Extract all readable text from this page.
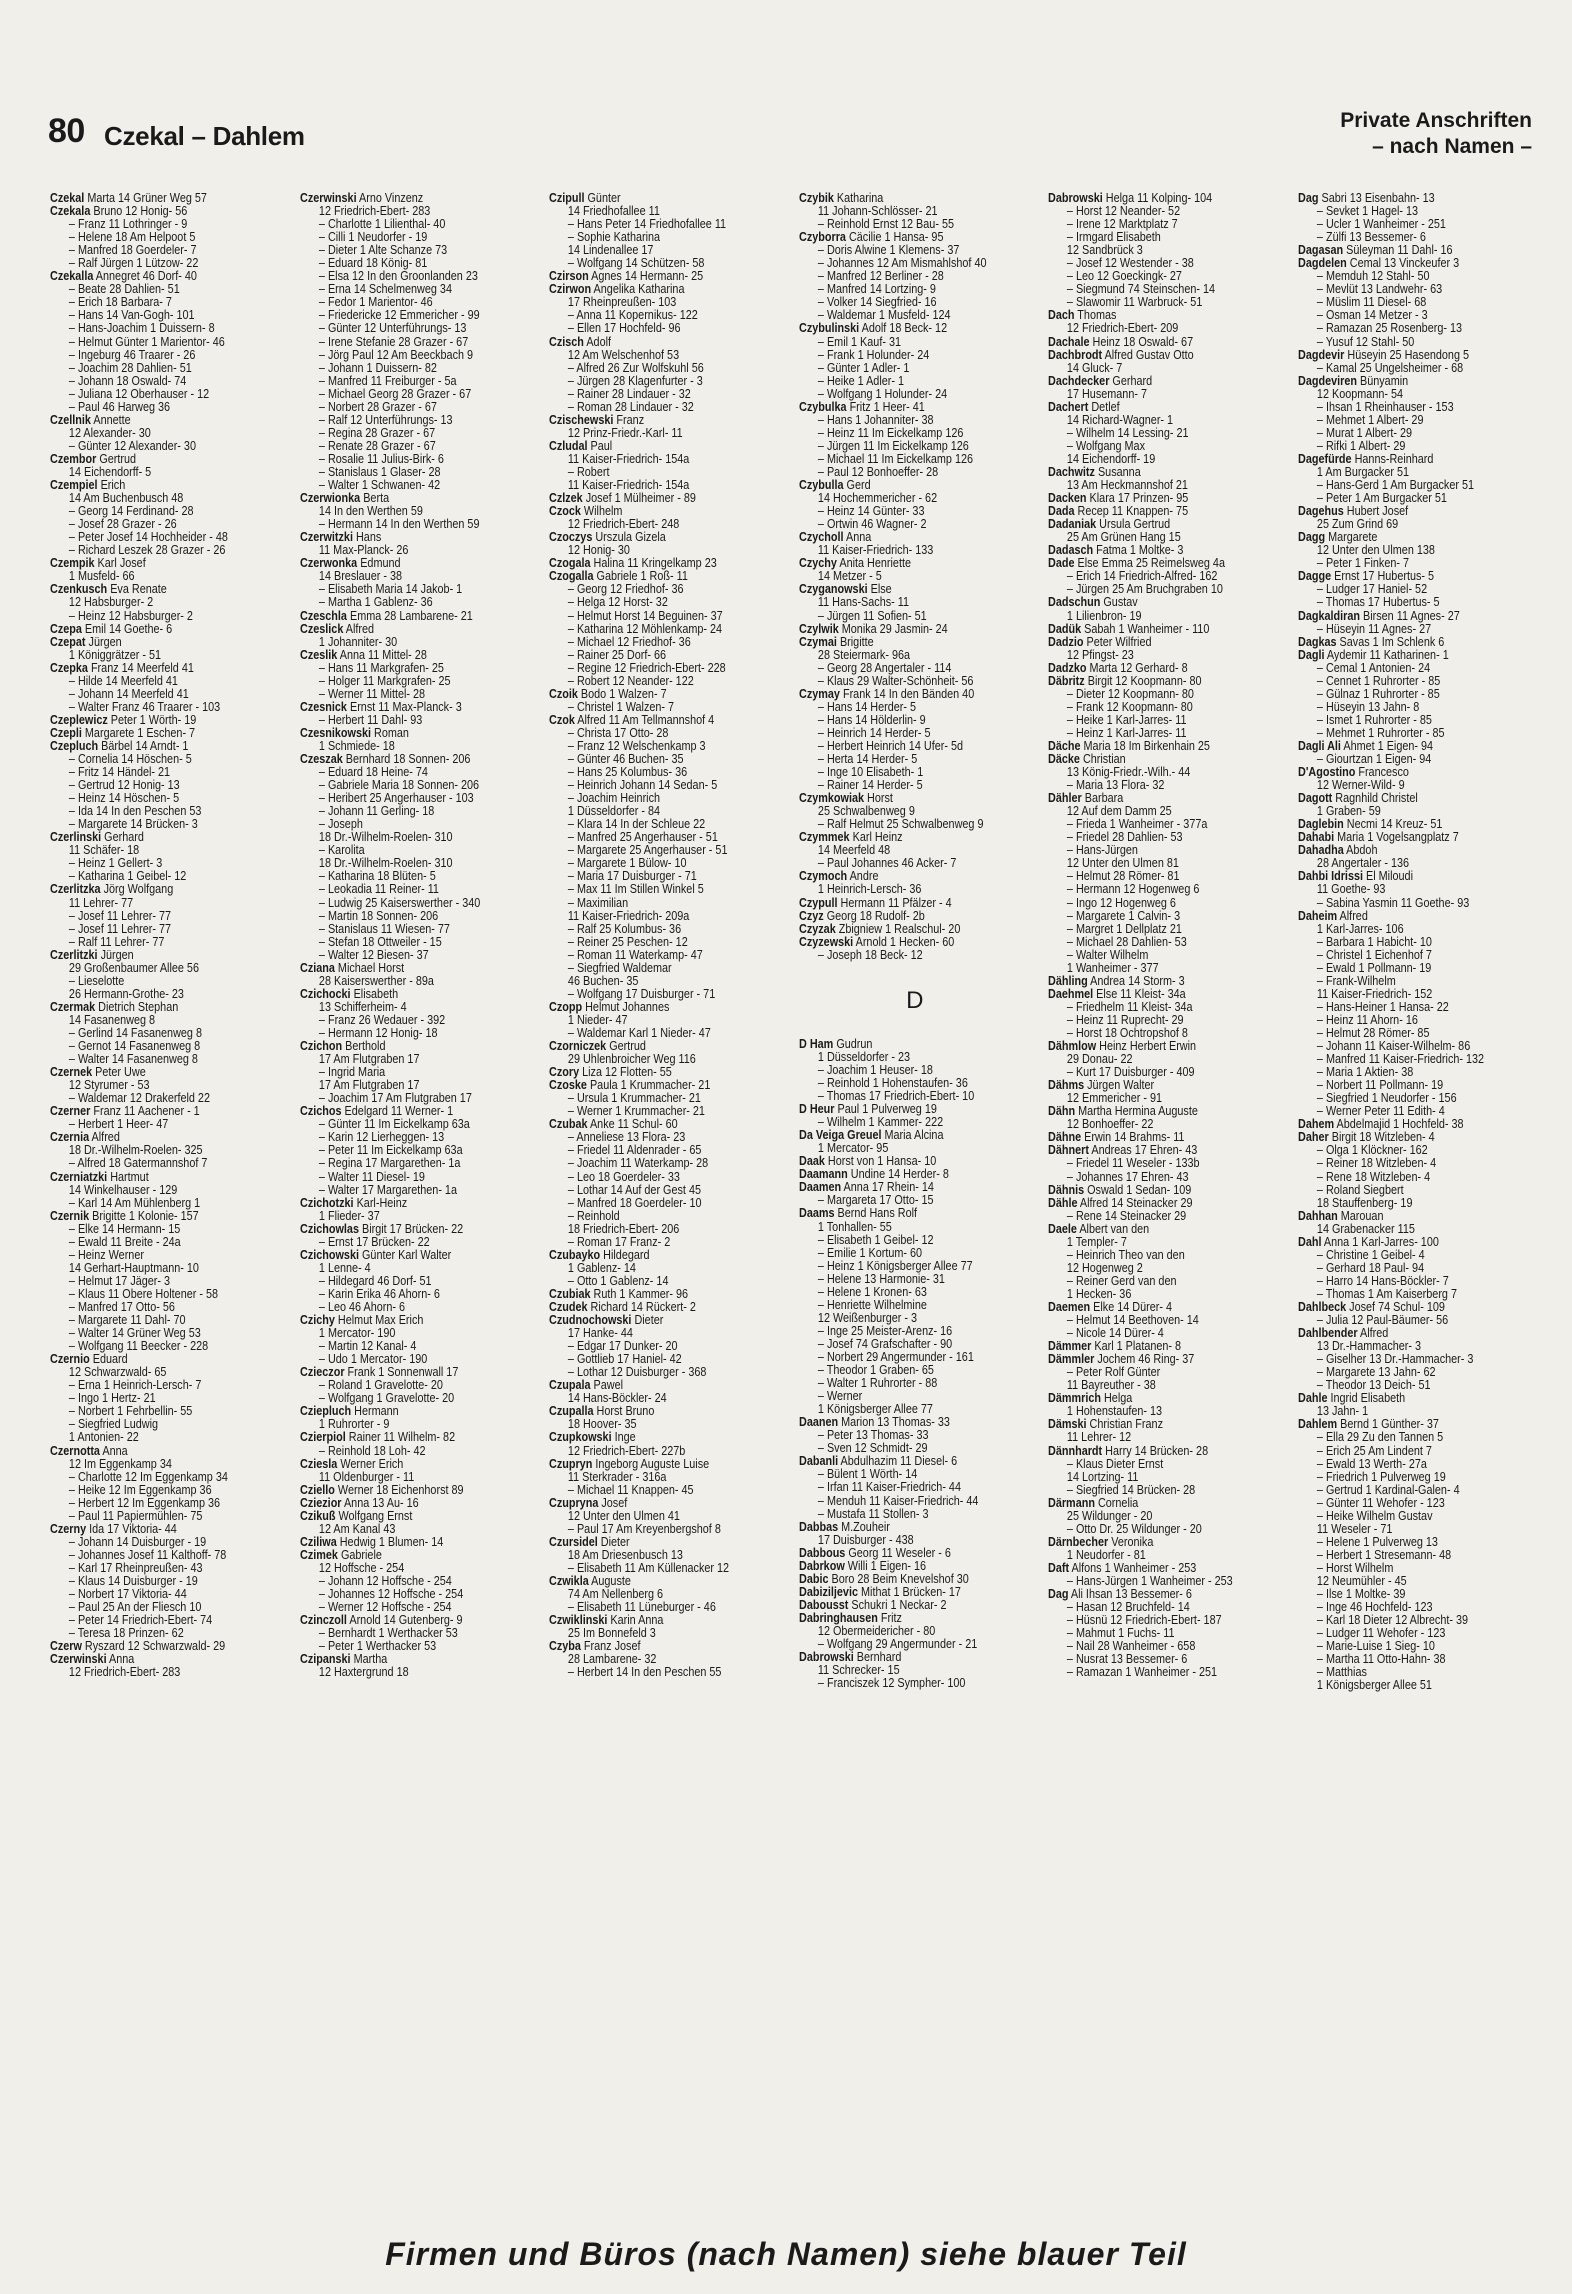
80 Czekal – Dahlem
Private Anschriften
– nach Namen –
Czekal Marta 14 Grüner Weg 57
Czekala Bruno 12 Honig- 56
– Franz 11 Lothringer - 9
– Helene 18 Am Helpoot 5
– Manfred 18 Goerdeler- 7
– Ralf Jürgen 1 Lützow- 22
Czekalla Annegret 46 Dorf- 40
– Beate 28 Dahlien- 51
– Erich 18 Barbara- 7
– Hans 14 Van-Gogh- 101
– Hans-Joachim 1 Duissern- 8
– Helmut Günter 1 Marientor- 46
– Ingeburg 46 Traarer - 26
– Joachim 28 Dahlien- 51
– Johann 18 Oswald- 74
– Juliana 12 Oberhauser - 12
– Paul 46 Harweg 36
Czellnik Annette
12 Alexander- 30
– Günter 12 Alexander- 30
Czembor Gertrud
14 Eichendorff- 5
Czempiel Erich
14 Am Buchenbusch 48
– Georg 14 Ferdinand- 28
– Josef 28 Grazer - 26
– Peter Josef 14 Hochheider - 48
– Richard Leszek 28 Grazer - 26
Czempik Karl Josef
1 Musfeld- 66
Czenkusch Eva Renate
12 Habsburger- 2
– Heinz 12 Habsburger- 2
Czepa Emil 14 Goethe- 6
Czepat Jürgen
1 Königgrätzer - 51
Czepka Franz 14 Meerfeld 41
– Hilde 14 Meerfeld 41
– Johann 14 Meerfeld 41
– Walter Franz 46 Traarer - 103
Czeplewicz Peter 1 Wörth- 19
Czepli Margarete 1 Eschen- 7
Czepluch Bärbel 14 Arndt- 1
– Cornelia 14 Höschen- 5
– Fritz 14 Händel- 21
– Gertrud 12 Honig- 13
– Heinz 14 Höschen- 5
– Ida 14 In den Peschen 53
– Margarete 14 Brücken- 3
Czerlinski Gerhard
11 Schäfer- 18
– Heinz 1 Gellert- 3
– Katharina 1 Geibel- 12
Czerlitzka Jörg Wolfgang
11 Lehrer- 77
– Josef 11 Lehrer- 77
– Josef 11 Lehrer- 77
– Ralf 11 Lehrer- 77
Czerlitzki Jürgen
29 Großenbaumer Allee 56
– Lieselotte
26 Hermann-Grothe- 23
Czermak Dietrich Stephan
14 Fasanenweg 8
– Gerlind 14 Fasanenweg 8
– Gernot 14 Fasanenweg 8
– Walter 14 Fasanenweg 8
Czernek Peter Uwe
12 Styrumer - 53
– Waldemar 12 Drakerfeld 22
Czerner Franz 11 Aachener - 1
– Herbert 1 Heer- 47
Czernia Alfred
18 Dr.-Wilhelm-Roelen- 325
– Alfred 18 Gatermannshof 7
Czerniatzki Hartmut
14 Winkelhauser - 129
– Karl 14 Am Mühlenberg 1
Czernik Brigitte 1 Kolonie- 157
– Elke 14 Hermann- 15
– Ewald 11 Breite - 24a
– Heinz Werner
14 Gerhart-Hauptmann- 10
– Helmut 17 Jäger- 3
– Klaus 11 Obere Holtener - 58
– Manfred 17 Otto- 56
– Margarete 11 Dahl- 70
– Walter 14 Grüner Weg 53
– Wolfgang 11 Beecker - 228
Czernio Eduard
12 Schwarzwald- 65
– Erna 1 Heinrich-Lersch- 7
– Ingo 1 Hertz- 21
– Norbert 1 Fehrbellin- 55
– Siegfried Ludwig
1 Antonien- 22
Czernotta Anna
12 Im Eggenkamp 34
– Charlotte 12 Im Eggenkamp 34
– Heike 12 Im Eggenkamp 36
– Herbert 12 Im Eggenkamp 36
– Paul 11 Papiermühlen- 75
Czerny Ida 17 Viktoria- 44
– Johann 14 Duisburger - 19
– Johannes Josef 11 Kalthoff- 78
– Karl 17 Rheinpreußen- 43
– Klaus 14 Duisburger - 19
– Norbert 17 Viktoria- 44
– Paul 25 An der Fliesch 10
– Peter 14 Friedrich-Ebert- 74
– Teresa 18 Prinzen- 62
Czerw Ryszard 12 Schwarzwald- 29
Czerwinski Anna
12 Friedrich-Ebert- 283
Czerwinski Arno Vinzenz
12 Friedrich-Ebert- 283
– Charlotte 1 Lilienthal- 40
– Cilli 1 Neudorfer - 19
– Dieter 1 Alte Schanze 73
– Eduard 18 König- 81
– Elsa 12 In den Groonlanden 23
– Erna 14 Schelmenweg 34
– Fedor 1 Marientor- 46
– Friedericke 12 Emmericher - 99
– Günter 12 Unterführungs- 13
– Irene Stefanie 28 Grazer - 67
– Jörg Paul 12 Am Beeckbach 9
– Johann 1 Duissern- 82
– Manfred 11 Freiburger - 5a
– Michael Georg 28 Grazer - 67
– Norbert 28 Grazer - 67
– Ralf 12 Unterführungs- 13
– Regina 28 Grazer - 67
– Renate 28 Grazer - 67
– Rosalie 11 Julius-Birk- 6
– Stanislaus 1 Glaser- 28
– Walter 1 Schwanen- 42
Czerwionka Berta
14 In den Werthen 59
– Hermann 14 In den Werthen 59
Czerwitzki Hans
11 Max-Planck- 26
Czerwonka Edmund
14 Breslauer - 38
– Elisabeth Maria 14 Jakob- 1
– Martha 1 Gablenz- 36
Czeschla Emma 28 Lambarene- 21
Czeslick Alfred
1 Johanniter- 30
Czeslik Anna 11 Mittel- 28
– Hans 11 Markgrafen- 25
– Holger 11 Markgrafen- 25
– Werner 11 Mittel- 28
Czesnick Ernst 11 Max-Planck- 3
– Herbert 11 Dahl- 93
Czesnikowski Roman
1 Schmiede- 18
Czeszak Bernhard 18 Sonnen- 206
– Eduard 18 Heine- 74
– Gabriele Maria 18 Sonnen- 206
– Heribert 25 Angerhauser - 103
– Johann 11 Gerling- 18
– Joseph
18 Dr.-Wilhelm-Roelen- 310
– Karolita
18 Dr.-Wilhelm-Roelen- 310
– Katharina 18 Blüten- 5
– Leokadia 11 Reiner- 11
– Ludwig 25 Kaiserswerther - 340
– Martin 18 Sonnen- 206
– Stanislaus 11 Wiesen- 77
– Stefan 18 Ottweiler - 15
– Walter 12 Biesen- 37
Cziana Michael Horst
28 Kaiserswerther - 89a
Czichocki Elisabeth
13 Schifferheim- 4
– Franz 26 Wedauer - 392
– Hermann 12 Honig- 18
Czichon Berthold
17 Am Flutgraben 17
– Ingrid Maria
17 Am Flutgraben 17
– Joachim 17 Am Flutgraben 17
Czichos Edelgard 11 Werner- 1
– Günter 11 Im Eickelkamp 63a
– Karin 12 Lierheggen- 13
– Peter 11 Im Eickelkamp 63a
– Regina 17 Margarethen- 1a
– Walter 11 Diesel- 19
– Walter 17 Margarethen- 1a
Czichotzki Karl-Heinz
1 Flieder- 37
Czichowlas Birgit 17 Brücken- 22
– Ernst 17 Brücken- 22
Czichowski Günter Karl Walter
1 Lenne- 4
– Hildegard 46 Dorf- 51
– Karin Erika 46 Ahorn- 6
– Leo 46 Ahorn- 6
Czichy Helmut Max Erich
1 Mercator- 190
– Martin 12 Kanal- 4
– Udo 1 Mercator- 190
Czieczor Frank 1 Sonnenwall 17
– Roland 1 Gravelotte- 20
– Wolfgang 1 Gravelotte- 20
Cziepluch Hermann
1 Ruhrorter - 9
Czierpiol Rainer 11 Wilhelm- 82
– Reinhold 18 Loh- 42
Cziesla Werner Erich
11 Oldenburger - 11
Cziello Werner 18 Eichenhorst 89
Cziezior Anna 13 Au- 16
Czikuß Wolfgang Ernst
12 Am Kanal 43
Cziliwa Hedwig 1 Blumen- 14
Czimek Gabriele
12 Hoffsche - 254
– Johann 12 Hoffsche - 254
– Johannes 12 Hoffsche - 254
– Werner 12 Hoffsche - 254
Czinczoll Arnold 14 Gutenberg- 9
– Bernhardt 1 Werthacker 53
– Peter 1 Werthacker 53
Czipanski Martha
12 Haxtergrund 18
Czipull Günter
14 Friedhofallee 11
– Hans Peter 14 Friedhofallee 11
– Sophie Katharina
14 Lindenallee 17
– Wolfgang 14 Schützen- 58
Czirson Agnes 14 Hermann- 25
Czirwon Angelika Katharina
17 Rheinpreußen- 103
– Anna 11 Kopernikus- 122
– Ellen 17 Hochfeld- 96
Czisch Adolf
12 Am Welschenhof 53
– Alfred 26 Zur Wolfskuhl 56
– Jürgen 28 Klagenfurter - 3
– Rainer 28 Lindauer - 32
– Roman 28 Lindauer - 32
Czischewski Franz
12 Prinz-Friedr.-Karl- 11
Czludal Paul
11 Kaiser-Friedrich- 154a
– Robert
11 Kaiser-Friedrich- 154a
Czlzek Josef 1 Mülheimer - 89
Czock Wilhelm
12 Friedrich-Ebert- 248
Czoczys Urszula Gizela
12 Honig- 30
Czogala Halina 11 Kringelkamp 23
Czogalla Gabriele 1 Roß- 11
– Georg 12 Friedhof- 36
– Helga 12 Horst- 32
– Helmut Horst 14 Beguinen- 37
– Katharina 12 Möhlenkamp- 24
– Michael 12 Friedhof- 36
– Rainer 25 Dorf- 66
– Regine 12 Friedrich-Ebert- 228
– Robert 12 Neander- 122
Czoik Bodo 1 Walzen- 7
– Christel 1 Walzen- 7
Czok Alfred 11 Am Tellmannshof 4
– Christa 17 Otto- 28
– Franz 12 Welschenkamp 3
– Günter 46 Buchen- 35
– Hans 25 Kolumbus- 36
– Heinrich Johann 14 Sedan- 5
– Joachim Heinrich
1 Düsseldorfer - 84
– Klara 14 In der Schleue 22
– Manfred 25 Angerhauser - 51
– Margarete 25 Angerhauser - 51
– Margarete 1 Bülow- 10
– Maria 17 Duisburger - 71
– Max 11 Im Stillen Winkel 5
– Maximilian
11 Kaiser-Friedrich- 209a
– Ralf 25 Kolumbus- 36
– Reiner 25 Peschen- 12
– Roman 11 Waterkamp- 47
– Siegfried Waldemar
46 Buchen- 35
– Wolfgang 17 Duisburger - 71
Czopp Helmut Johannes
1 Nieder- 47
– Waldemar Karl 1 Nieder- 47
Czorniczek Gertrud
29 Uhlenbroicher Weg 116
Czory Liza 12 Flotten- 55
Czoske Paula 1 Krummacher- 21
– Ursula 1 Krummacher- 21
– Werner 1 Krummacher- 21
Czubak Anke 11 Schul- 60
– Anneliese 13 Flora- 23
– Friedel 11 Aldenrader - 65
– Joachim 11 Waterkamp- 28
– Leo 18 Goerdeler- 33
– Lothar 14 Auf der Gest 45
– Manfred 18 Goerdeler- 10
– Reinhold
18 Friedrich-Ebert- 206
– Roman 17 Franz- 2
Czubayko Hildegard
1 Gablenz- 14
– Otto 1 Gablenz- 14
Czubiak Ruth 1 Kammer- 96
Czudek Richard 14 Rückert- 2
Czudnochowski Dieter
17 Hanke- 44
– Edgar 17 Dunker- 20
– Gottlieb 17 Haniel- 42
– Lothar 12 Duisburger - 368
Czupala Pawel
14 Hans-Böckler- 24
Czupalla Horst Bruno
18 Hoover- 35
Czupkowski Inge
12 Friedrich-Ebert- 227b
Czupryn Ingeborg Auguste Luise
11 Sterkrader - 316a
– Michael 11 Knappen- 45
Czupryna Josef
12 Unter den Ulmen 41
– Paul 17 Am Kreyenbergshof 8
Czursidel Dieter
18 Am Driesenbusch 13
– Elisabeth 11 Am Küllenacker 12
Czwikla Auguste
74 Am Nellenberg 6
– Elisabeth 11 Lüneburger - 46
Czwiklinski Karin Anna
25 Im Bonnefeld 3
Czyba Franz Josef
28 Lambarene- 32
– Herbert 14 In den Peschen 55
Czybik Katharina
11 Johann-Schlösser- 21
– Reinhold Ernst 12 Bau- 55
Czyborra Cäcilie 1 Hansa- 95
– Doris Alwine 1 Klemens- 37
– Johannes 12 Am Mismahlshof 40
– Manfred 12 Berliner - 28
– Manfred 14 Lortzing- 9
– Volker 14 Siegfried- 16
– Waldemar 1 Musfeld- 124
Czybulinski Adolf 18 Beck- 12
– Emil 1 Kauf- 31
– Frank 1 Holunder- 24
– Günter 1 Adler- 1
– Heike 1 Adler- 1
– Wolfgang 1 Holunder- 24
Czybulka Fritz 1 Heer- 41
– Hans 1 Johanniter- 38
– Heinz 11 Im Eickelkamp 126
– Jürgen 11 Im Eickelkamp 126
– Michael 11 Im Eickelkamp 126
– Paul 12 Bonhoeffer- 28
Czybulla Gerd
14 Hochemmericher - 62
– Heinz 14 Günter- 33
– Ortwin 46 Wagner- 2
Czycholl Anna
11 Kaiser-Friedrich- 133
Czychy Anita Henriette
14 Metzer - 5
Czyganowski Else
11 Hans-Sachs- 11
– Jürgen 11 Sofien- 51
Czylwik Monika 29 Jasmin- 24
Czymai Brigitte
28 Steiermark- 96a
– Georg 28 Angertaler - 114
– Klaus 29 Walter-Schönheit- 56
Czymay Frank 14 In den Bänden 40
– Hans 14 Herder- 5
– Hans 14 Hölderlin- 9
– Heinrich 14 Herder- 5
– Herbert Heinrich 14 Ufer- 5d
– Herta 14 Herder- 5
– Inge 10 Elisabeth- 1
– Rainer 14 Herder- 5
Czymkowiak Horst
25 Schwalbenweg 9
– Ralf Helmut 25 Schwalbenweg 9
Czymmek Karl Heinz
14 Meerfeld 48
– Paul Johannes 46 Acker- 7
Czymoch Andre
1 Heinrich-Lersch- 36
Czypull Hermann 11 Pfälzer - 4
Czyz Georg 18 Rudolf- 2b
Czyzak Zbigniew 1 Realschul- 20
Czyzewski Arnold 1 Hecken- 60
– Joseph 18 Beck- 12

D

D Ham Gudrun
1 Düsseldorfer - 23
– Joachim 1 Heuser- 18
– Reinhold 1 Hohenstaufen- 36
– Thomas 17 Friedrich-Ebert- 10
D Heur Paul 1 Pulverweg 19
– Wilhelm 1 Kammer- 222
Da Veiga Greuel Maria Alcina
1 Mercator- 95
Daak Horst von 1 Hansa- 10
Daamann Undine 14 Herder- 8
Daamen Anna 17 Rhein- 14
– Margareta 17 Otto- 15
Daams Bernd Hans Rolf
1 Tonhallen- 55
– Elisabeth 1 Geibel- 12
– Emilie 1 Kortum- 60
– Heinz 1 Königsberger Allee 77
– Helene 13 Harmonie- 31
– Helene 1 Kronen- 63
– Henriette Wilhelmine
12 Weißenburger - 3
– Inge 25 Meister-Arenz- 16
– Josef 74 Grafschafter - 90
– Norbert 29 Angermunder - 161
– Theodor 1 Graben- 65
– Walter 1 Ruhrorter - 88
– Werner
1 Königsberger Allee 77
Daanen Marion 13 Thomas- 33
– Peter 13 Thomas- 33
– Sven 12 Schmidt- 29
Dabanli Abdulhazim 11 Diesel- 6
– Bülent 1 Wörth- 14
– Irfan 11 Kaiser-Friedrich- 44
– Menduh 11 Kaiser-Friedrich- 44
– Mustafa 11 Stollen- 3
Dabbas M.Zouheir
17 Duisburger - 438
Dabbous Georg 11 Weseler - 6
Dabrkow Willi 1 Eigen- 16
Dabic Boro 28 Beim Knevelshof 30
Dabiziljevic Mithat 1 Brücken- 17
Dabousst Schukri 1 Neckar- 2
Dabringhausen Fritz
12 Obermeidericher - 80
– Wolfgang 29 Angermunder - 21
Dabrowski Bernhard
11 Schrecker- 15
– Franciszek 12 Sympher- 100
Dabrowski Helga 11 Kolping- 104
– Horst 12 Neander- 52
– Irene 12 Marktplatz 7
– Irmgard Elisabeth
12 Sandbrück 3
– Josef 12 Westender - 38
– Leo 12 Goeckingk- 27
– Siegmund 74 Steinschen- 14
– Slawomir 11 Warbruck- 51
Dach Thomas
12 Friedrich-Ebert- 209
Dachale Heinz 18 Oswald- 67
Dachbrodt Alfred Gustav Otto
14 Gluck- 7
Dachdecker Gerhard
17 Husemann- 7
Dachert Detlef
14 Richard-Wagner- 1
– Wilhelm 14 Lessing- 21
– Wolfgang Max
14 Eichendorff- 19
Dachwitz Susanna
13 Am Heckmannshof 21
Dacken Klara 17 Prinzen- 95
Dada Recep 11 Knappen- 75
Dadaniak Ursula Gertrud
25 Am Grünen Hang 15
Dadasch Fatma 1 Moltke- 3
Dade Else Emma 25 Reimelsweg 4a
– Erich 14 Friedrich-Alfred- 162
– Jürgen 25 Am Bruchgraben 10
Dadschun Gustav
1 Lilienbron- 19
Dadük Sabah 1 Wanheimer - 110
Dadzio Peter Wilfried
12 Pfingst- 23
Dadzko Marta 12 Gerhard- 8
Däbritz Birgit 12 Koopmann- 80
– Dieter 12 Koopmann- 80
– Frank 12 Koopmann- 80
– Heike 1 Karl-Jarres- 11
– Heinz 1 Karl-Jarres- 11
Däche Maria 18 Im Birkenhain 25
Däcke Christian
13 König-Friedr.-Wilh.- 44
– Maria 13 Flora- 32
Dähler Barbara
12 Auf dem Damm 25
– Frieda 1 Wanheimer - 377a
– Friedel 28 Dahlien- 53
– Hans-Jürgen
12 Unter den Ulmen 81
– Helmut 28 Römer- 81
– Hermann 12 Hogenweg 6
– Ingo 12 Hogenweg 6
– Margarete 1 Calvin- 3
– Margret 1 Dellplatz 21
– Michael 28 Dahlien- 53
– Walter Wilhelm
1 Wanheimer - 377
Dähling Andrea 14 Storm- 3
Daehmel Else 11 Kleist- 34a
– Friedhelm 11 Kleist- 34a
– Heinz 11 Ruprecht- 29
– Horst 18 Ochtropshof 8
Dähmlow Heinz Herbert Erwin
29 Donau- 22
– Kurt 17 Duisburger - 409
Dähms Jürgen Walter
12 Emmericher - 91
Dähn Martha Hermina Auguste
12 Bonhoeffer- 22
Dähne Erwin 14 Brahms- 11
Dähnert Andreas 17 Ehren- 43
– Friedel 11 Weseler - 133b
– Johannes 17 Ehren- 43
Dähnis Oswald 1 Sedan- 109
Dähle Alfred 14 Steinacker 29
– Rene 14 Steinacker 29
Daele Albert van den
1 Templer- 7
– Heinrich Theo van den
12 Hogenweg 2
– Reiner Gerd van den
1 Hecken- 36
Daemen Elke 14 Dürer- 4
– Helmut 14 Beethoven- 14
– Nicole 14 Dürer- 4
Dämmer Karl 1 Platanen- 8
Dämmler Jochem 46 Ring- 37
– Peter Rolf Günter
11 Bayreuther - 38
Dämmrich Helga
1 Hohenstaufen- 13
Dämski Christian Franz
11 Lehrer- 12
Dännhardt Harry 14 Brücken- 28
– Klaus Dieter Ernst
14 Lortzing- 11
– Siegfried 14 Brücken- 28
Därmann Cornelia
25 Wildunger - 20
– Otto Dr. 25 Wildunger - 20
Därnbecher Veronika
1 Neudorfer - 81
Daft Alfons 1 Wanheimer - 253
– Hans-Jürgen 1 Wanheimer - 253
Dag Ali Ihsan 13 Bessemer- 6
– Hasan 12 Bruchfeld- 14
– Hüsnü 12 Friedrich-Ebert- 187
– Mahmut 1 Fuchs- 11
– Nail 28 Wanheimer - 658
– Nusrat 13 Bessemer- 6
– Ramazan 1 Wanheimer - 251
Dag Sabri 13 Eisenbahn- 13
– Sevket 1 Hagel- 13
– Ücler 1 Wanheimer - 251
– Zülfi 13 Bessemer- 6
Dagasan Süleyman 11 Dahl- 16
Dagdelen Cemal 13 Vinckeufer 3
– Memduh 12 Stahl- 50
– Mevlüt 13 Landwehr- 63
– Müslim 11 Diesel- 68
– Osman 14 Metzer - 3
– Ramazan 25 Rosenberg- 13
– Yusuf 12 Stahl- 50
Dagdevir Hüseyin 25 Hasendong 5
– Kamal 25 Ungelsheimer - 68
Dagdeviren Bünyamin
12 Koopmann- 54
– Ihsan 1 Rheinhauser - 153
– Mehmet 1 Albert- 29
– Murat 1 Albert- 29
– Rifki 1 Albert- 29
Dagefürde Hanns-Reinhard
1 Am Burgacker 51
– Hans-Gerd 1 Am Burgacker 51
– Peter 1 Am Burgacker 51
Dagehus Hubert Josef
25 Zum Grind 69
Dagg Margarete
12 Unter den Ulmen 138
– Peter 1 Finken- 7
Dagge Ernst 17 Hubertus- 5
– Ludger 17 Haniel- 52
– Thomas 17 Hubertus- 5
Dagkaldiran Birsen 11 Agnes- 27
– Hüseyin 11 Agnes- 27
Dagkas Savas 1 Im Schlenk 6
Dagli Aydemir 11 Katharinen- 1
– Cemal 1 Antonien- 24
– Cennet 1 Ruhrorter - 85
– Gülnaz 1 Ruhrorter - 85
– Hüseyin 13 Jahn- 8
– Ismet 1 Ruhrorter - 85
– Mehmet 1 Ruhrorter - 85
Dagli Ali Ahmet 1 Eigen- 94
– Giourtzan 1 Eigen- 94
D'Agostino Francesco
12 Werner-Wild- 9
Dagott Ragnhild Christel
1 Graben- 59
Daglebin Necmi 14 Kreuz- 51
Dahabi Maria 1 Vogelsangplatz 7
Dahadha Abdoh
28 Angertaler - 136
Dahbi Idrissi El Miloudi
11 Goethe- 93
– Sabina Yasmin 11 Goethe- 93
Daheim Alfred
1 Karl-Jarres- 106
– Barbara 1 Habicht- 10
– Christel 1 Eichenhof 7
– Ewald 1 Pollmann- 19
– Frank-Wilhelm
11 Kaiser-Friedrich- 152
– Hans-Heiner 1 Hansa- 22
– Heinz 11 Ahorn- 16
– Helmut 28 Römer- 85
– Johann 11 Kaiser-Wilhelm- 86
– Manfred 11 Kaiser-Friedrich- 132
– Maria 1 Aktien- 38
– Norbert 11 Pollmann- 19
– Siegfried 1 Neudorfer - 156
– Werner Peter 11 Edith- 4
Dahem Abdelmajid 1 Hochfeld- 38
Daher Birgit 18 Witzleben- 4
– Olga 1 Klöckner- 162
– Reiner 18 Witzleben- 4
– Rene 18 Witzleben- 4
– Roland Siegbert
18 Stauffenberg- 19
Dahhan Marouan
14 Grabenacker 115
Dahl Anna 1 Karl-Jarres- 100
– Christine 1 Geibel- 4
– Gerhard 18 Paul- 94
– Harro 14 Hans-Böckler- 7
– Thomas 1 Am Kaiserberg 7
Dahlbeck Josef 74 Schul- 109
– Julia 12 Paul-Bäumer- 56
Dahlbender Alfred
13 Dr.-Hammacher- 3
– Giselher 13 Dr.-Hammacher- 3
– Margarete 13 Jahn- 62
– Theodor 13 Deich- 51
Dahle Ingrid Elisabeth
13 Jahn- 1
Dahlem Bernd 1 Günther- 37
– Ella 29 Zu den Tannen 5
– Erich 25 Am Lindent 7
– Ewald 13 Werth- 27a
– Friedrich 1 Pulverweg 19
– Gertrud 1 Kardinal-Galen- 4
– Günter 11 Wehofer - 123
– Heike Wilhelm Gustav
11 Weseler - 71
– Helene 1 Pulverweg 13
– Herbert 1 Stresemann- 48
– Horst Wilhelm
12 Neumühler - 45
– Ilse 1 Moltke- 39
– Inge 46 Hochfeld- 123
– Karl 18 Dieter 12 Albrecht- 39
– Ludger 11 Wehofer - 123
– Marie-Luise 1 Sieg- 10
– Martha 11 Otto-Hahn- 38
– Matthias
1 Königsberger Allee 51
Firmen und Büros (nach Namen) siehe blauer Teil
